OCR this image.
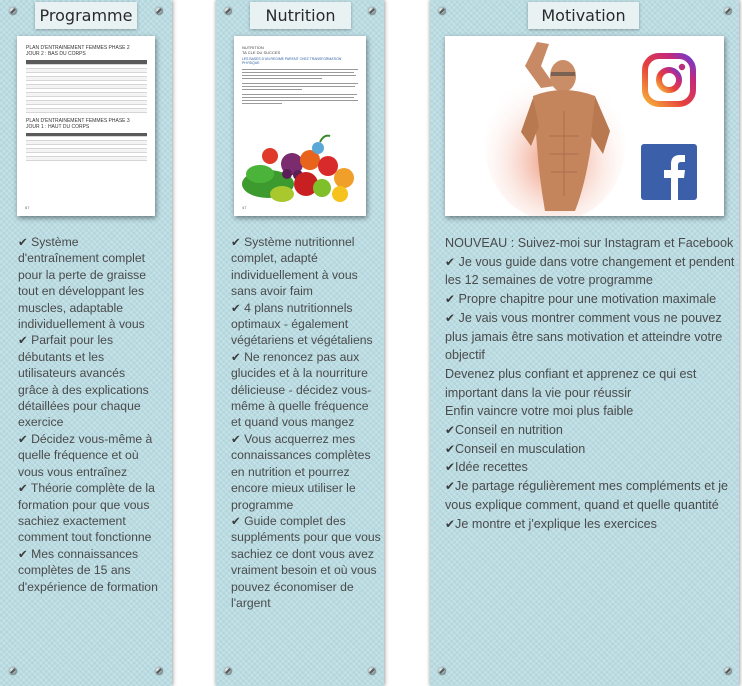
Programme
PLAN D'ENTRAINEMENT FEMMES PHASE 2
JOUR 2 : BAS DU CORPS

PLAN D'ENTRAINEMENT FEMMES PHASE 3
JOUR 1 : HAUT DU CORPS

67
✔ Système d'entraînement complet pour la perte de graisse tout en développant les muscles, adaptable individuellement à vous
✔ Parfait pour les débutants et les utilisateurs avancés grâce à des explications détaillées pour chaque exercice
✔ Décidez vous-même à quelle fréquence et où vous vous entraînez
✔ Théorie complète de la formation pour que vous sachiez exactement comment tout fonctionne
✔ Mes connaissances complètes de 15 ans d'expérience de formation
Nutrition
NUTRITION
TA CLE DU SUCCES
LES BASES D'UN REGIME PARFAIT CHEZ TRANSFORMATION PHYSIQUE
47
✔ Système nutritionnel complet, adapté individuellement à vous sans avoir faim
✔ 4 plans nutritionnels optimaux - également végétariens et végétaliens
✔ Ne renoncez pas aux glucides et à la nourriture délicieuse - décidez vous-même à quelle fréquence et quand vous mangez
✔ Vous acquerrez mes connaissances complètes en nutrition et pourrez encore mieux utiliser le programme
✔ Guide complet des suppléments pour que vous sachiez ce dont vous avez vraiment besoin et où vous pouvez économiser de l'argent
Motivation
NOUVEAU : Suivez-moi sur Instagram et Facebook
✔ Je vous guide dans votre changement et pendent les 12 semaines de votre programme
✔ Propre chapitre pour une motivation maximale
✔ Je vais vous montrer comment vous ne pouvez plus jamais être sans motivation et atteindre votre objectif
Devenez plus confiant et apprenez ce qui est important dans la vie pour réussir
Enfin vaincre votre moi plus faible
✔Conseil en nutrition
✔Conseil en musculation
✔Idée recettes
✔Je partage régulièrement mes compléments et je vous explique comment, quand et quelle quantité
✔Je montre et j'explique les exercices
